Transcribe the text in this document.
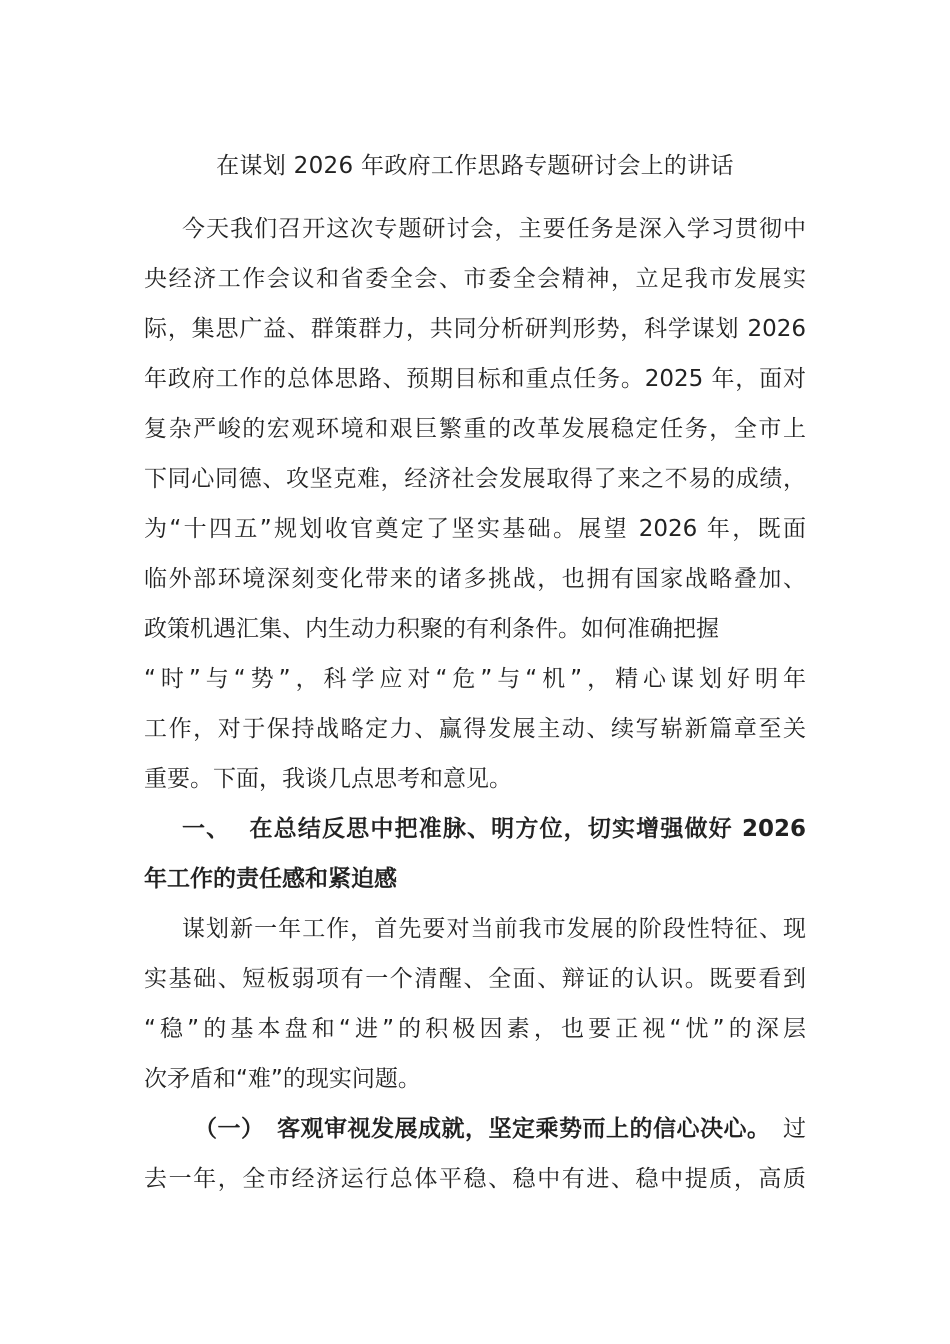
在谋划 2026 年政府工作思路专题研讨会上的讲话
今天我们召开这次专题研讨会，主要任务是深入学习贯彻中
央经济工作会议和省委全会、市委全会精神，立足我市发展实
际，集思广益、群策群力，共同分析研判形势，科学谋划 2026
年政府工作的总体思路、预期目标和重点任务。2025 年，面对
复杂严峻的宏观环境和艰巨繁重的改革发展稳定任务，全市上
下同心同德、攻坚克难，经济社会发展取得了来之不易的成绩，
为“十四五”规划收官奠定了坚实基础。展望 2026 年，既面
临外部环境深刻变化带来的诸多挑战，也拥有国家战略叠加、
政策机遇汇集、内生动力积聚的有利条件。如何准确把握
“时”与“势”，科学应对“危”与“机”，精心谋划好明年
工作，对于保持战略定力、赢得发展主动、续写崭新篇章至关
重要。下面，我谈几点思考和意见。
一、 在总结反思中把准脉、明方位，切实增强做好 2026
年工作的责任感和紧迫感
谋划新一年工作，首先要对当前我市发展的阶段性特征、现
实基础、短板弱项有一个清醒、全面、辩证的认识。既要看到
“稳”的基本盘和“进”的积极因素，也要正视“忧”的深层
次矛盾和“难”的现实问题。
（一） 客观审视发展成就，坚定乘势而上的信心决心。 过
去一年，全市经济运行总体平稳、稳中有进、稳中提质，高质
